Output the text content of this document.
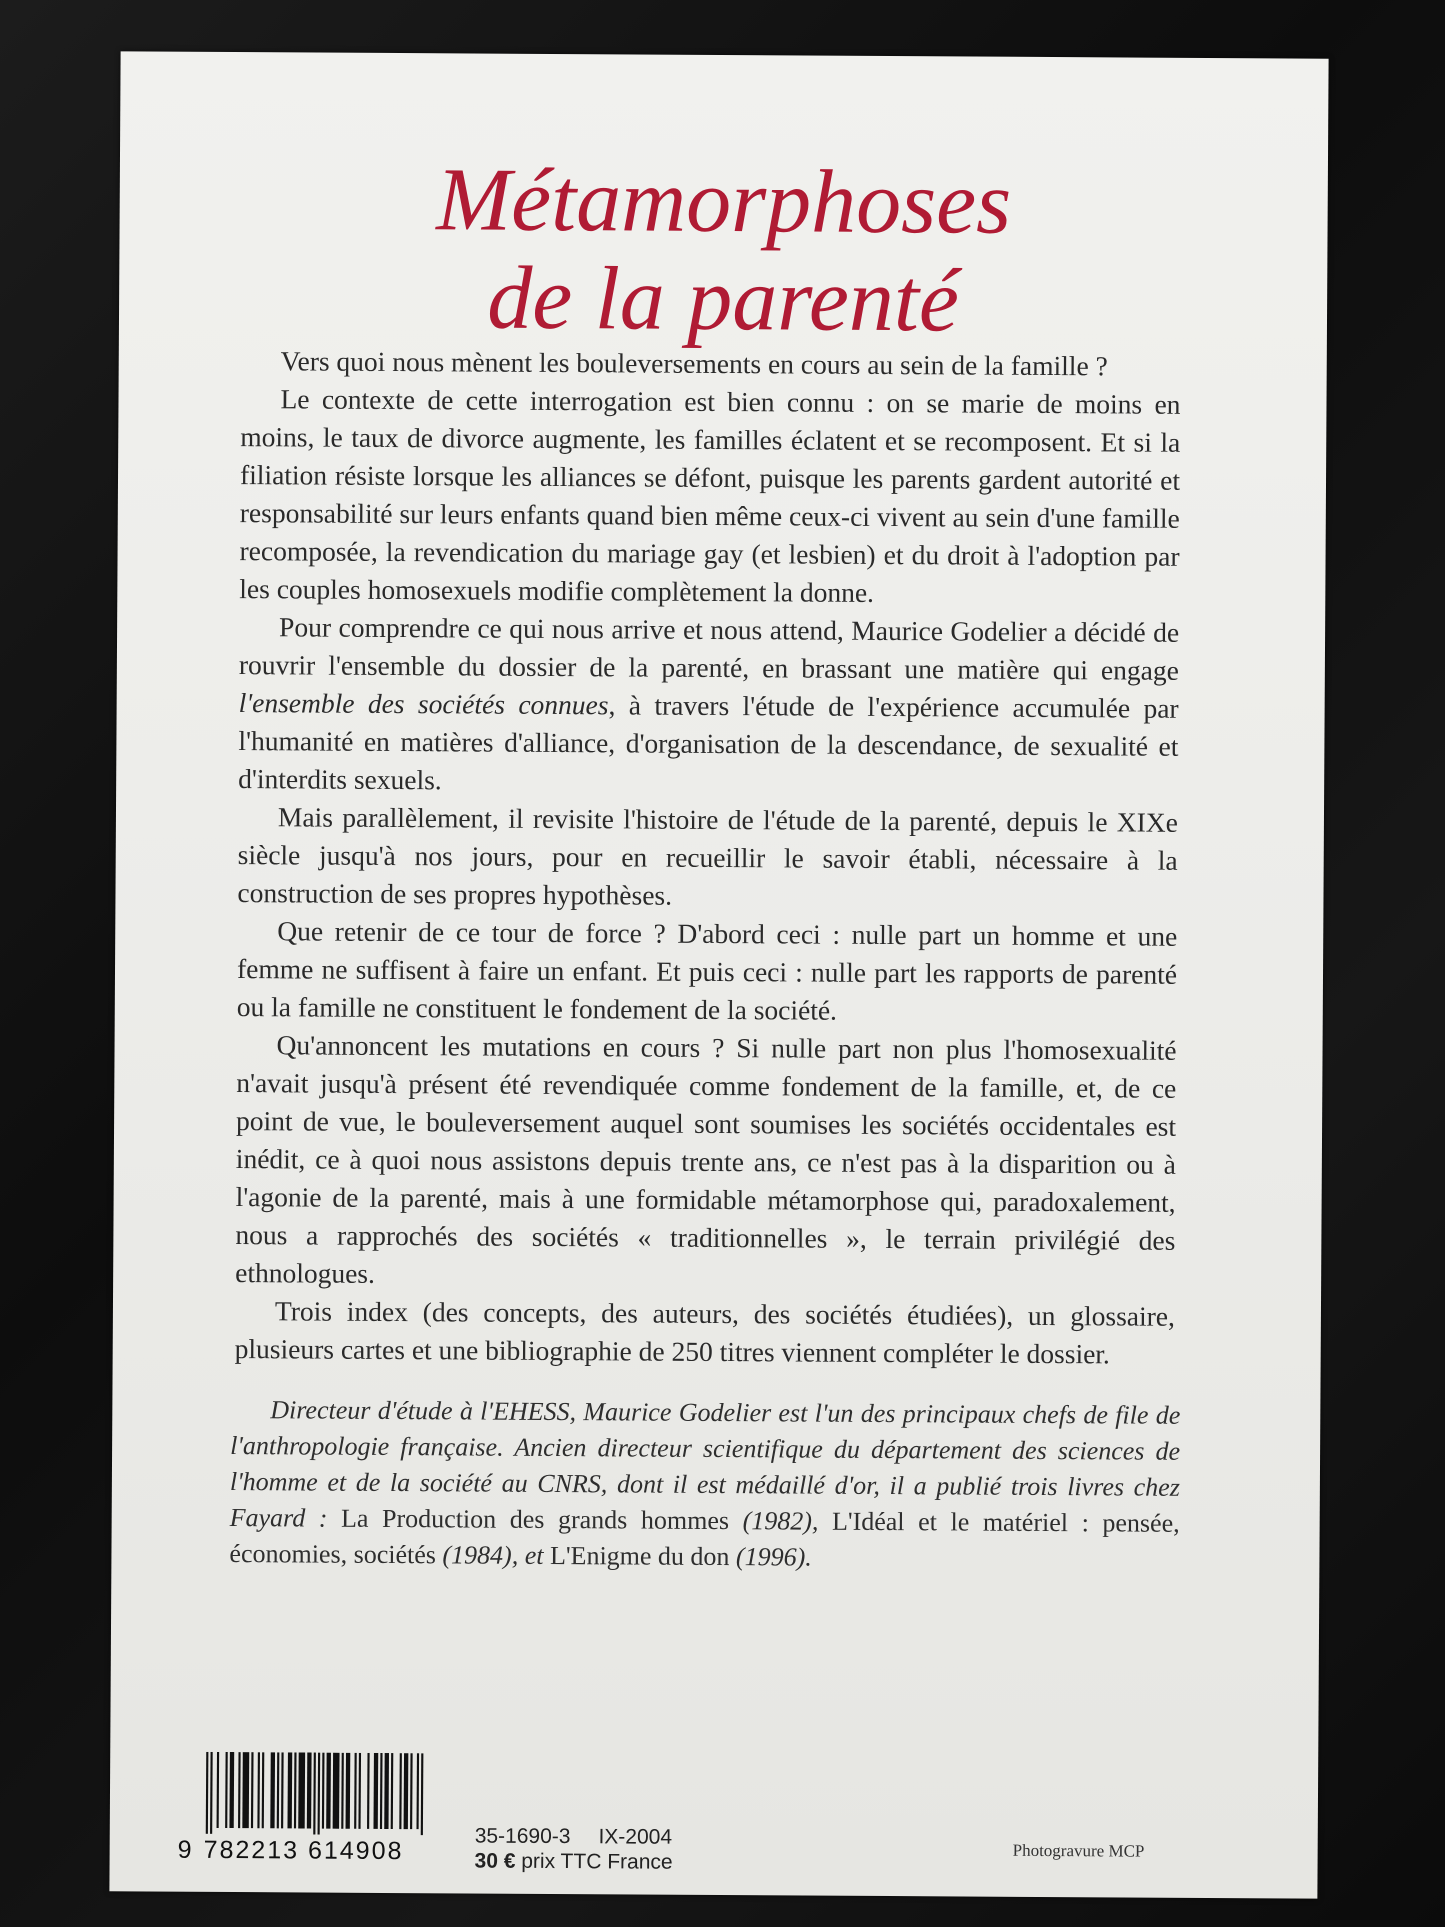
Métamorphoses
de la parenté

Vers quoi nous mènent les bouleversements en cours au sein de la famille ?

Le contexte de cette interrogation est bien connu : on se marie de moins en moins, le taux de divorce augmente, les familles éclatent et se recomposent. Et si la filiation résiste lorsque les alliances se défont, puisque les parents gardent autorité et responsabilité sur leurs enfants quand bien même ceux-ci vivent au sein d'une famille recomposée, la revendication du mariage gay (et lesbien) et du droit à l'adoption par les couples homosexuels modifie complètement la donne.

Pour comprendre ce qui nous arrive et nous attend, Maurice Godelier a décidé de rouvrir l'ensemble du dossier de la parenté, en brassant une matière qui engage l'ensemble des sociétés connues, à travers l'étude de l'expérience accumulée par l'humanité en matières d'alliance, d'organisation de la descendance, de sexualité et d'interdits sexuels.

Mais parallèlement, il revisite l'histoire de l'étude de la parenté, depuis le XIXe siècle jusqu'à nos jours, pour en recueillir le savoir établi, nécessaire à la construction de ses propres hypothèses.

Que retenir de ce tour de force ? D'abord ceci : nulle part un homme et une femme ne suffisent à faire un enfant. Et puis ceci : nulle part les rapports de parenté ou la famille ne constituent le fondement de la société.

Qu'annoncent les mutations en cours ? Si nulle part non plus l'homosexualité n'avait jusqu'à présent été revendiquée comme fondement de la famille, et, de ce point de vue, le bouleversement auquel sont soumises les sociétés occidentales est inédit, ce à quoi nous assistons depuis trente ans, ce n'est pas à la disparition ou à l'agonie de la parenté, mais à une formidable métamorphose qui, paradoxalement, nous a rapprochés des sociétés « traditionnelles », le terrain privilégié des ethnologues.

Trois index (des concepts, des auteurs, des sociétés étudiées), un glossaire, plusieurs cartes et une bibliographie de 250 titres viennent compléter le dossier.

Directeur d'étude à l'EHESS, Maurice Godelier est l'un des principaux chefs de file de l'anthropologie française. Ancien directeur scientifique du département des sciences de l'homme et de la société au CNRS, dont il est médaillé d'or, il a publié trois livres chez Fayard : La Production des grands hommes (1982), L'Idéal et le matériel : pensée, économies, sociétés (1984), et L'Enigme du don (1996).

9 782213 614908	35-1690-3 IX-2004
30 € prix TTC France	Photogravure MCP
